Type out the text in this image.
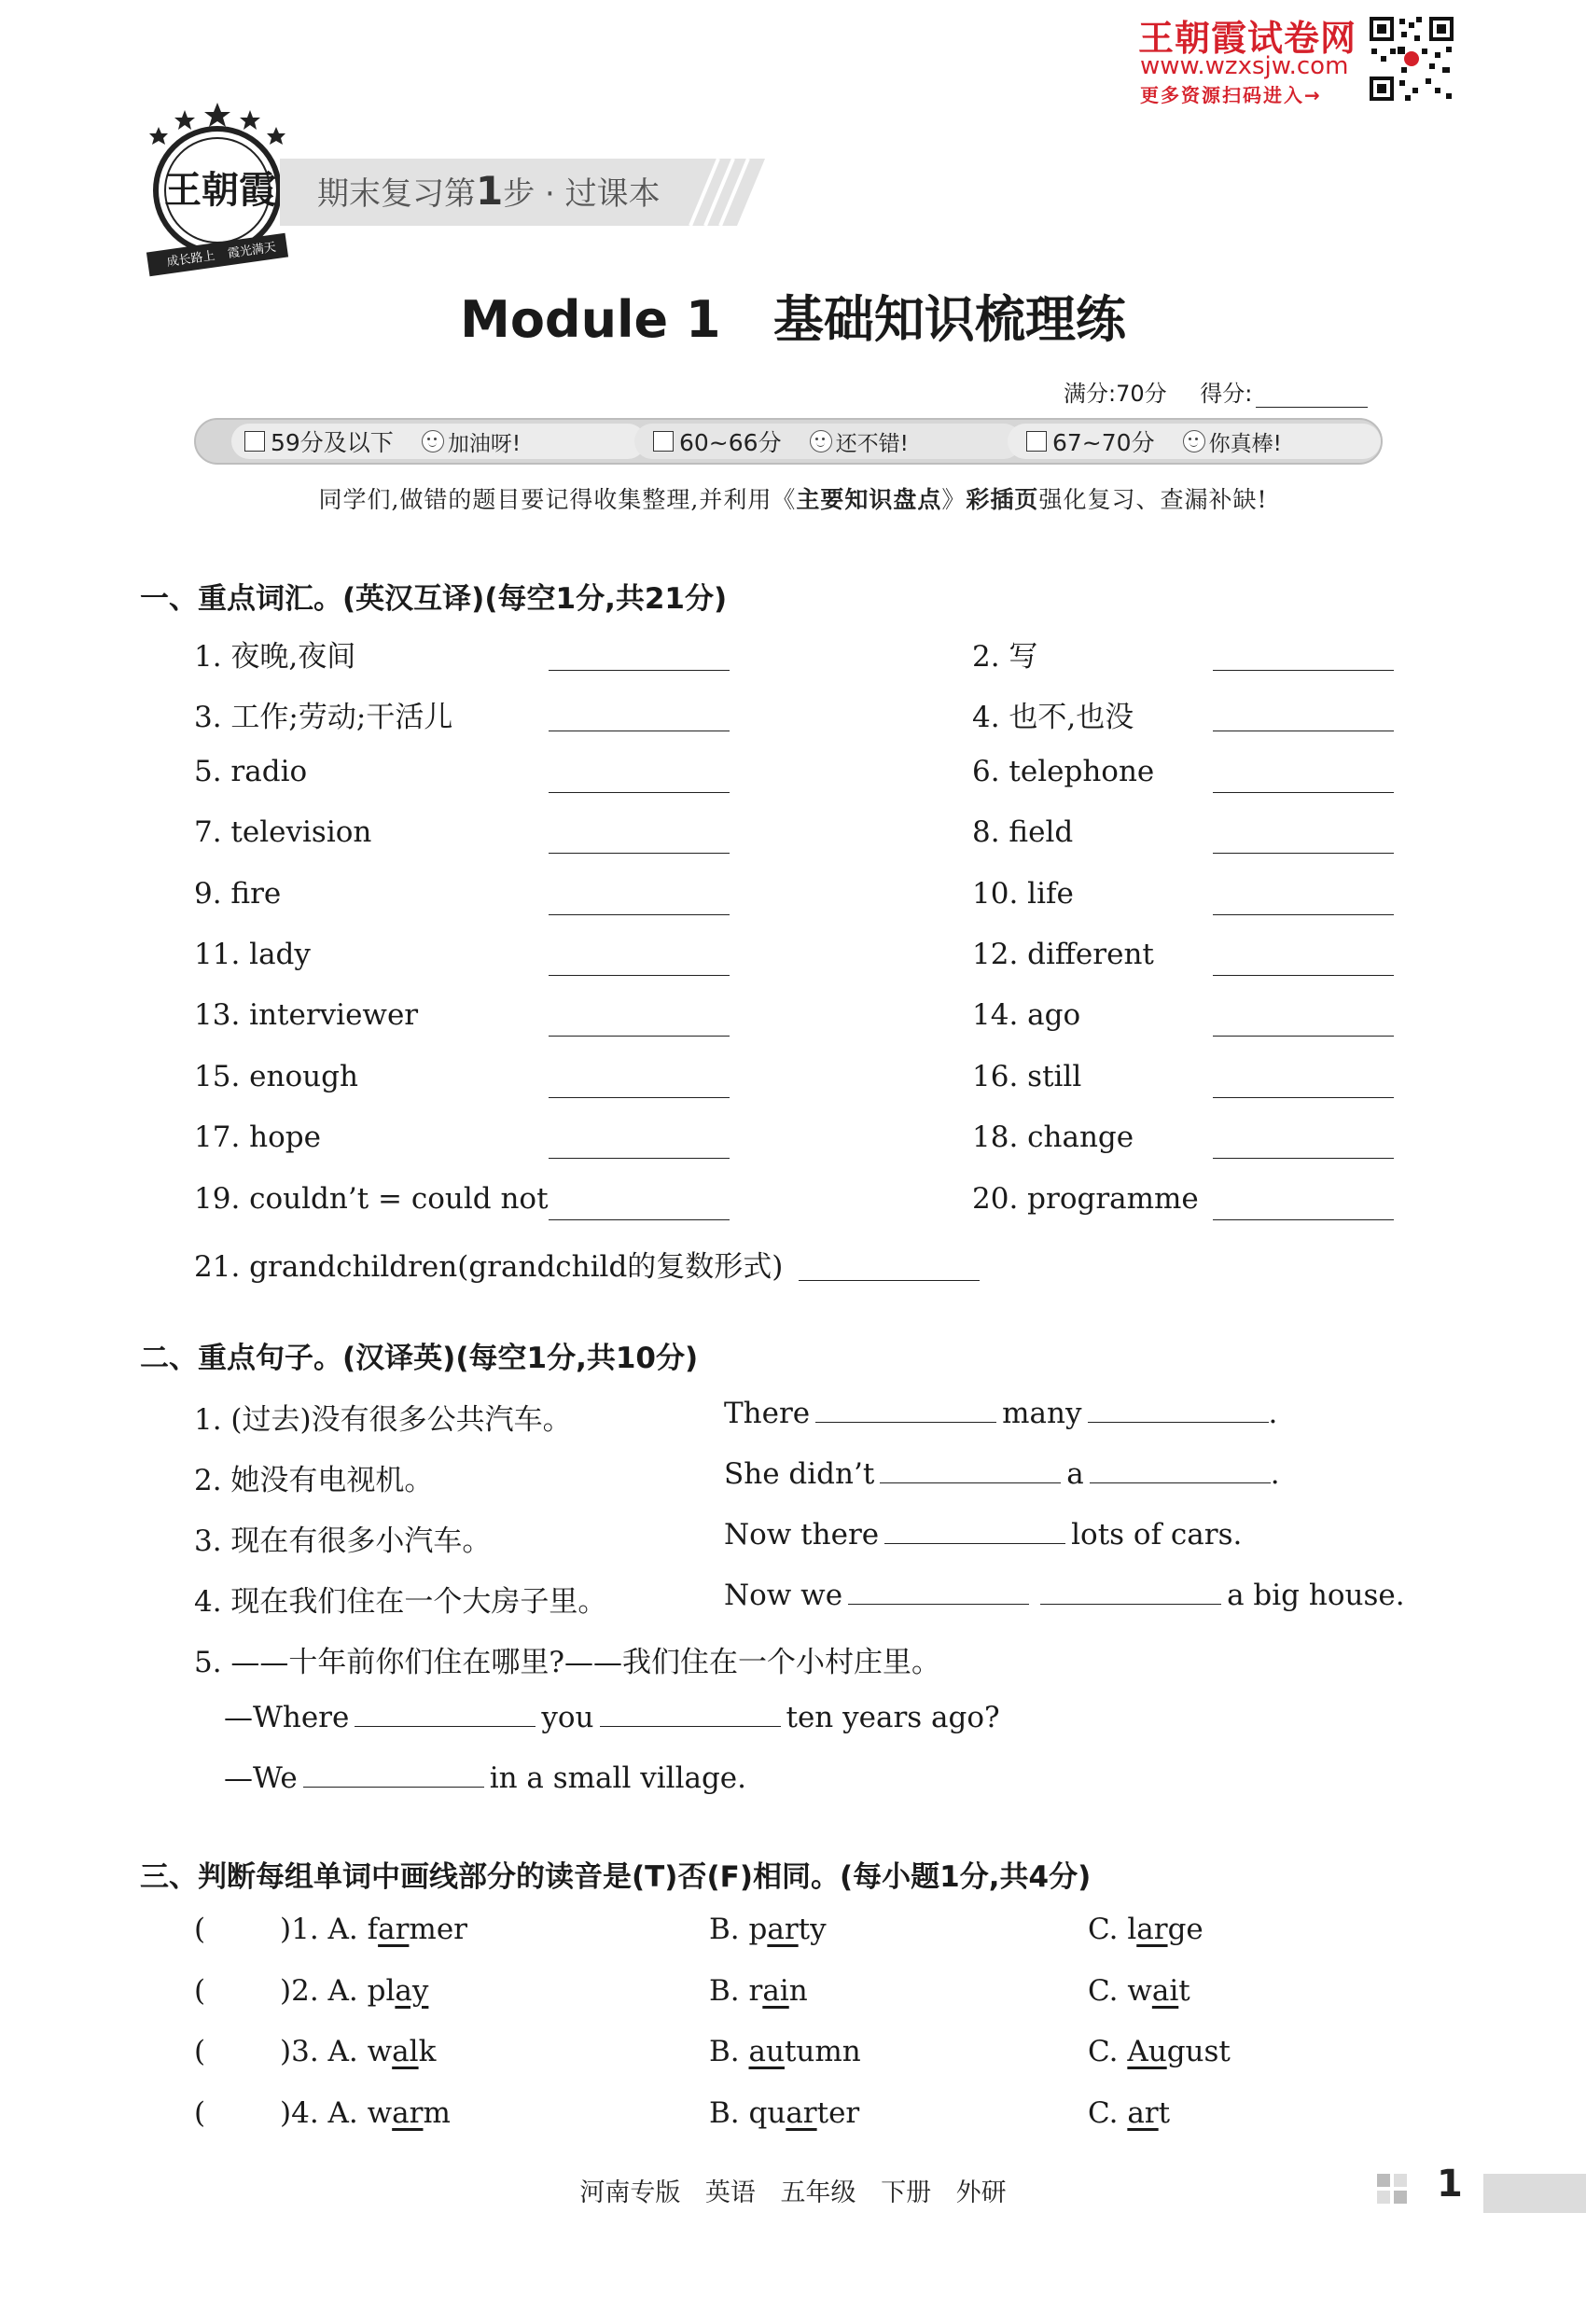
王朝霞试卷网
www.wzxsjw.com
更多资源扫码进入→
王朝霞
成长路上 霞光满天
期末复习第1步 · 过课本
Module 1   基础知识梳理练
满分:70分 得分:
59分及以下	加油呀!	60~66分	还不错!	67~70分	你真棒!
同学们,做错的题目要记得收集整理,并利用《主要知识盘点》彩插页强化复习、查漏补缺!
一、重点词汇。(英汉互译)(每空1分,共21分)
1. 夜晚,夜间	2. 写
3. 工作;劳动;干活儿	4. 也不,也没
5. radio	6. telephone
7. television	8. field
9. fire	10. life
11. lady	12. different
13. interviewer	14. ago
15. enough	16. still
17. hope	18. change
19. couldn’t = could not	20. programme
21. grandchildren(grandchild的复数形式)
二、重点句子。(汉译英)(每空1分,共10分)
1. (过去)没有很多公共汽车。	There	many	.
2. 她没有电视机。	She didn’t	a	.
3. 现在有很多小汽车。	Now there	lots of cars.
4. 现在我们住在一个大房子里。	Now we	a big house.
5. ——十年前你们住在哪里?——我们住在一个小村庄里。
—Where	you	ten years ago?
—We	in a small village.
三、判断每组单词中画线部分的读音是(T)否(F)相同。(每小题1分,共4分)
(	)1. A. farmer	B. party	C. large
(	)2. A. play	B. rain	C. wait
(	)3. A. walk	B. autumn	C. August
(	)4. A. warm	B. quarter	C. art
河南专版 英语 五年级 下册 外研	1
